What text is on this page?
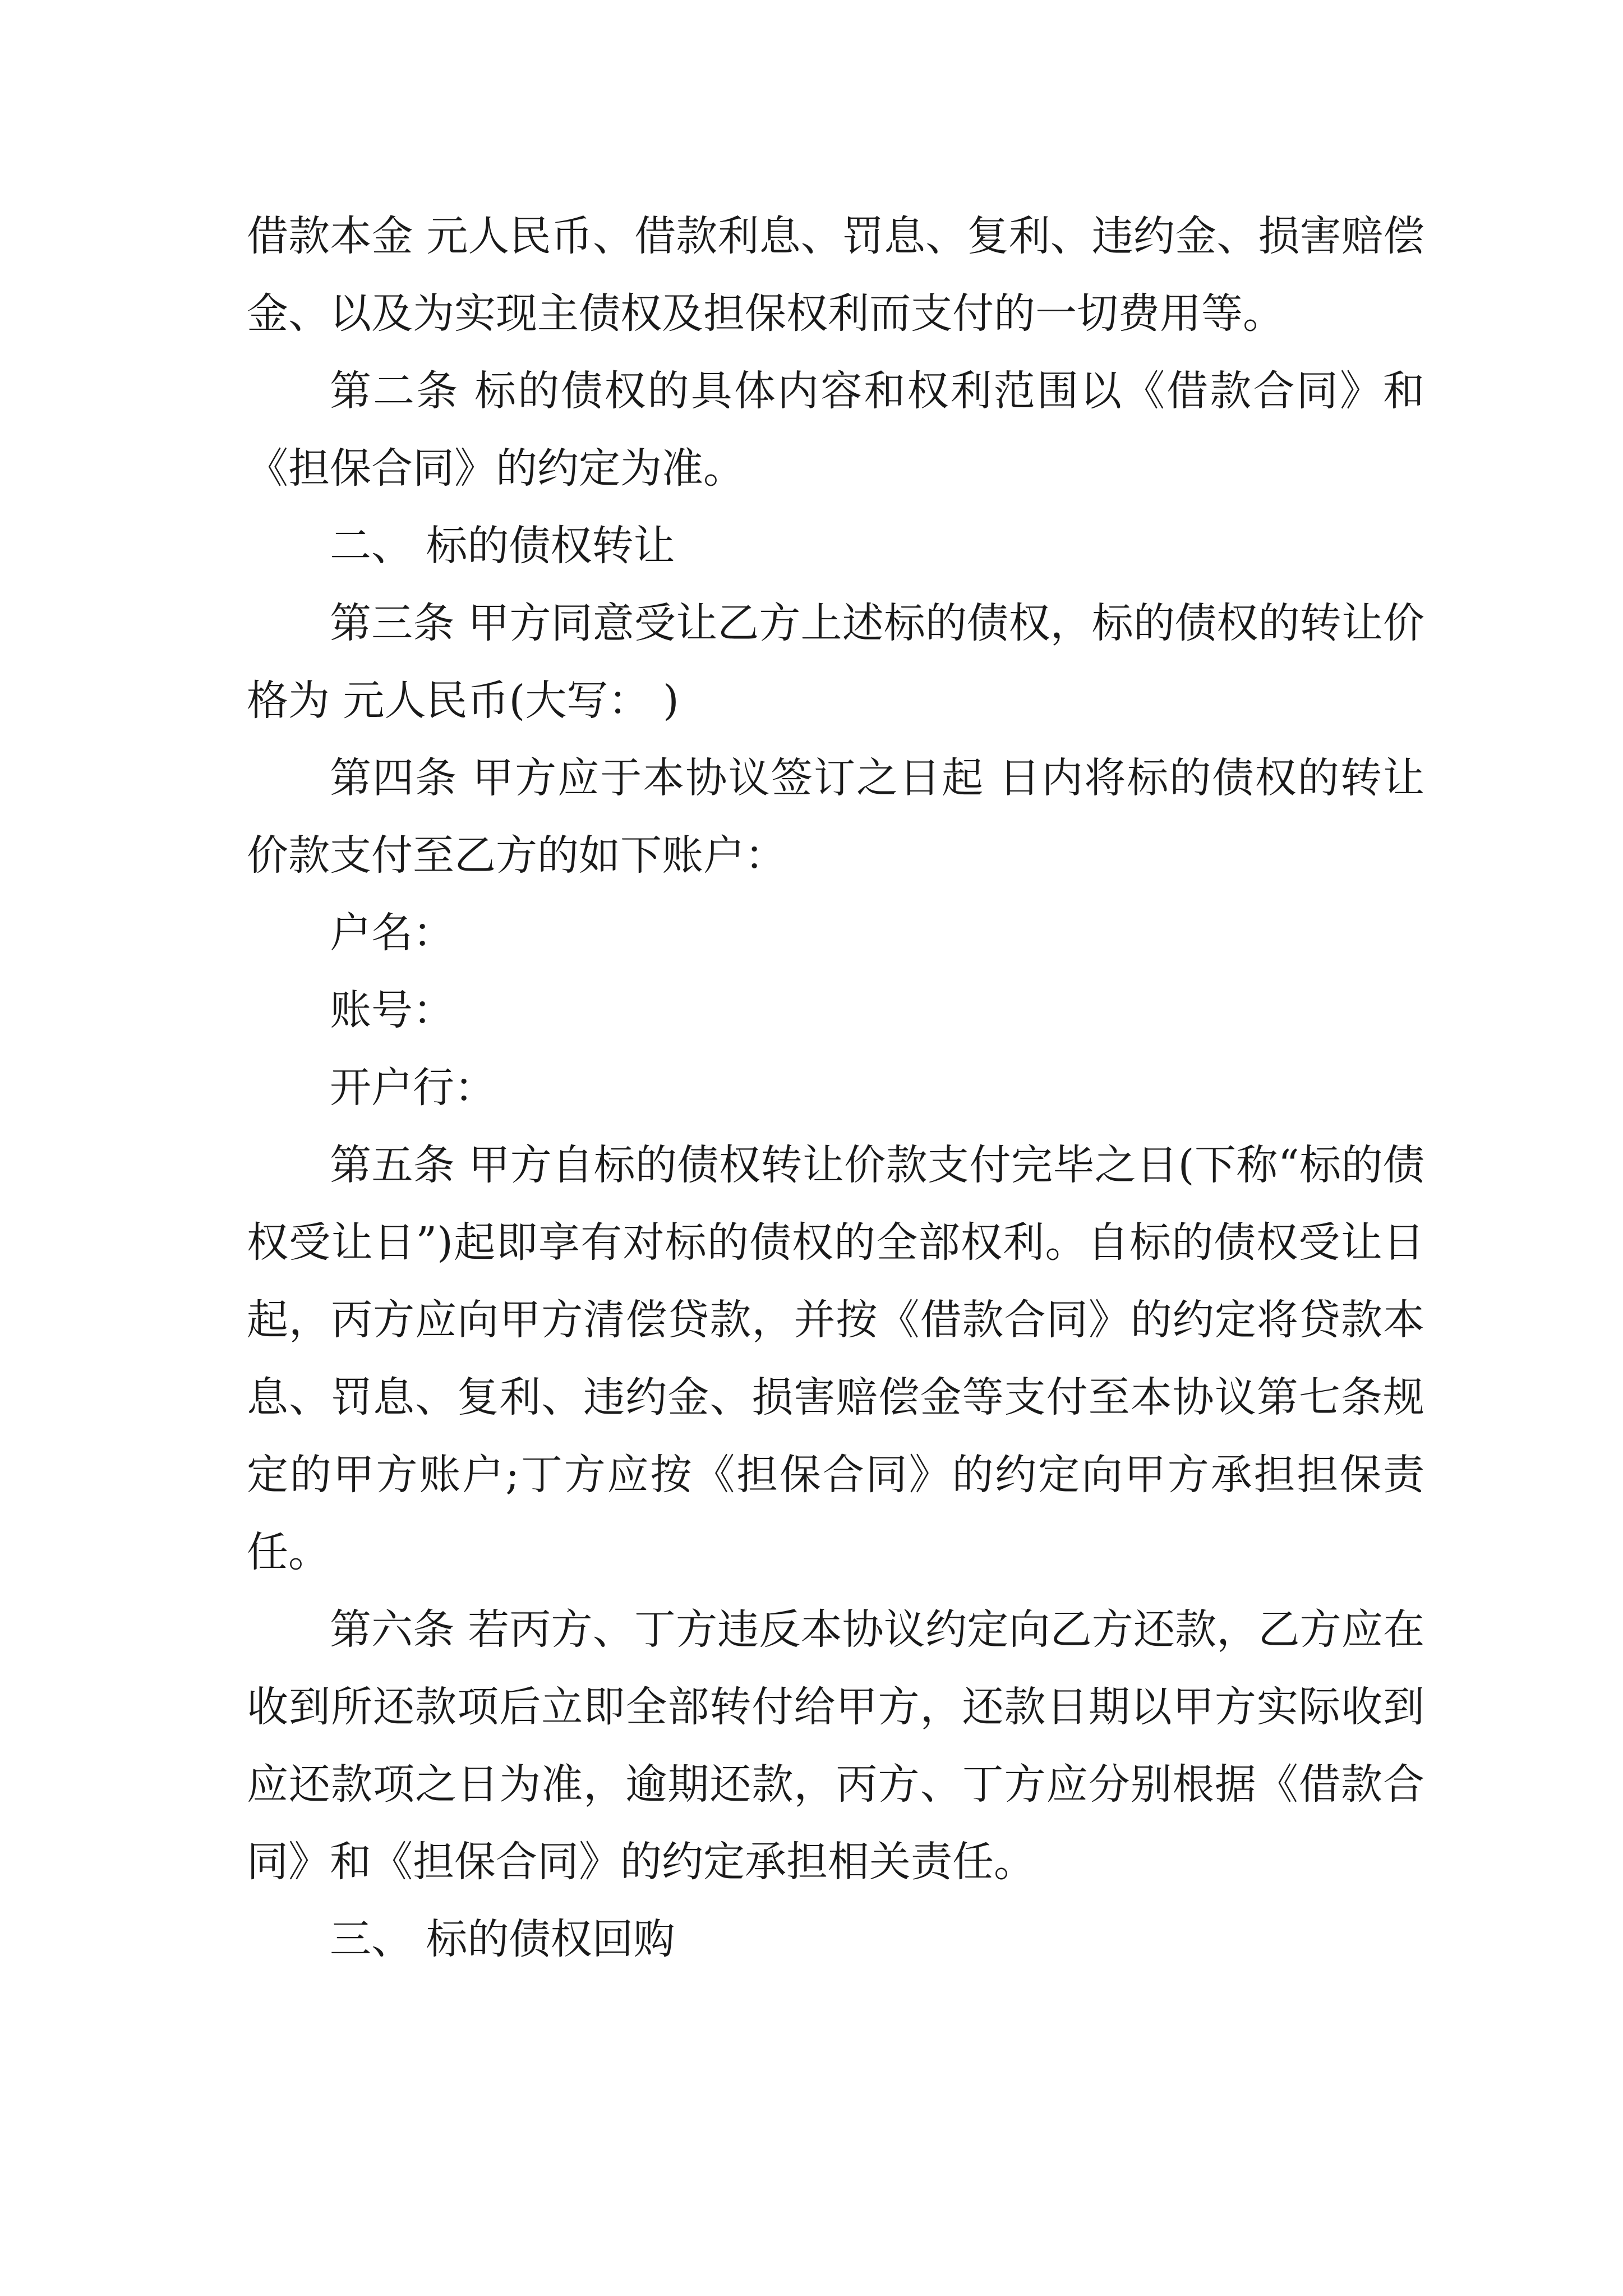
借款本金 元人民币、借款利息、罚息、复利、违约金、损害赔偿金、以及为实现主债权及担保权利而支付的一切费用等。

第二条 标的债权的具体内容和权利范围以《借款合同》和《担保合同》的约定为准。

二、 标的债权转让

第三条 甲方同意受让乙方上述标的债权，标的债权的转让价格为 元人民币(大写： )

第四条 甲方应于本协议签订之日起 日内将标的债权的转让价款支付至乙方的如下账户：

户名：

账号：

开户行：

第五条 甲方自标的债权转让价款支付完毕之日(下称“标的债权受让日”)起即享有对标的债权的全部权利。自标的债权受让日起，丙方应向甲方清偿贷款，并按《借款合同》的约定将贷款本息、罚息、复利、违约金、损害赔偿金等支付至本协议第七条规定的甲方账户;丁方应按《担保合同》的约定向甲方承担担保责任。

第六条 若丙方、丁方违反本协议约定向乙方还款，乙方应在收到所还款项后立即全部转付给甲方，还款日期以甲方实际收到应还款项之日为准，逾期还款，丙方、丁方应分别根据《借款合同》和《担保合同》的约定承担相关责任。

三、 标的债权回购
